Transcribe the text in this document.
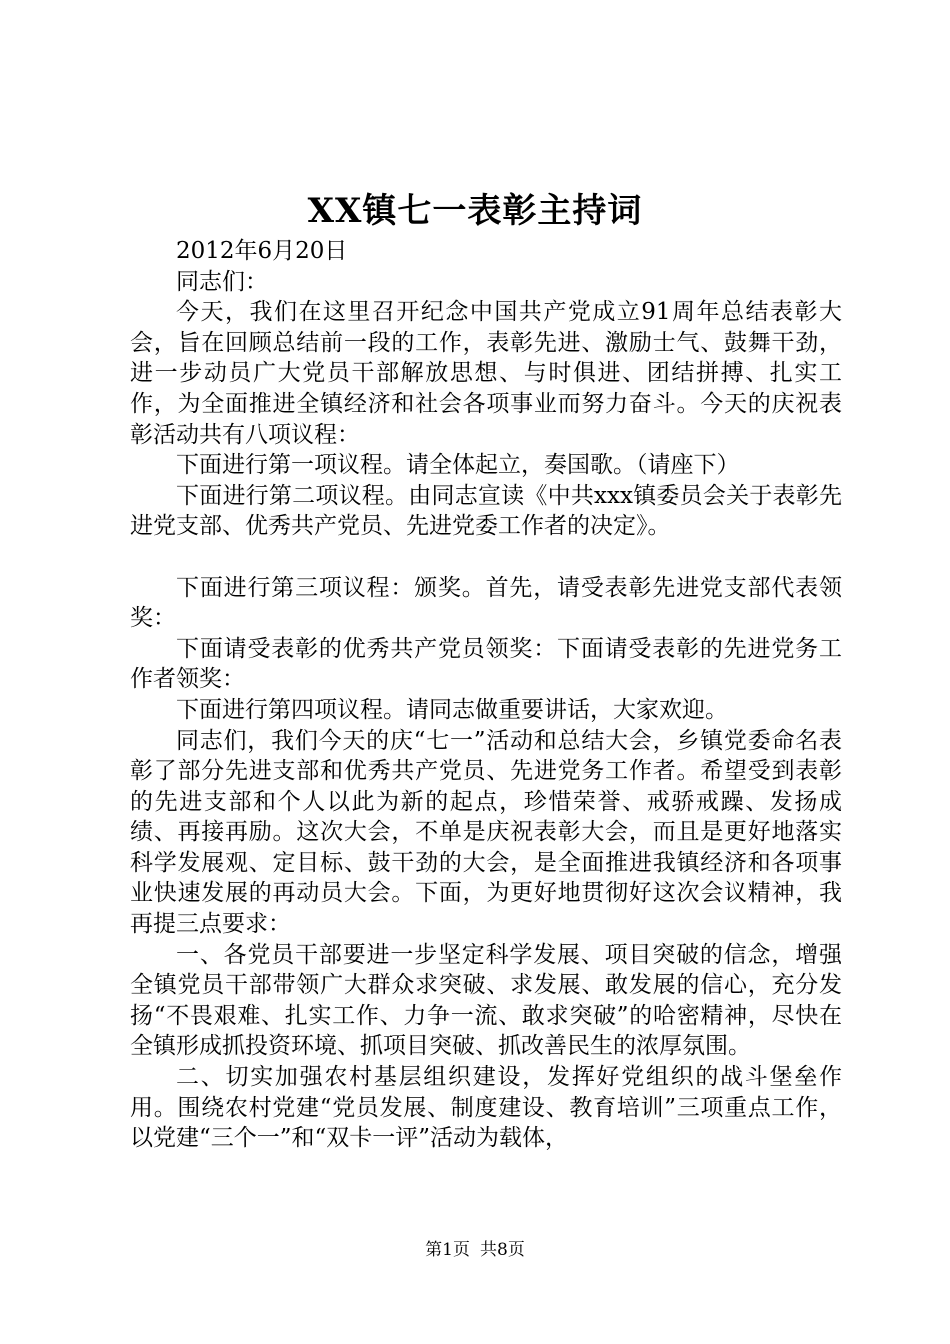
XX镇七一表彰主持词

2012年6月20日

同志们：

今天，我们在这里召开纪念中国共产党成立91周年总结表彰大会，旨在回顾总结前一段的工作，表彰先进、激励士气、鼓舞干劲，进一步动员广大党员干部解放思想、与时俱进、团结拼搏、扎实工作，为全面推进全镇经济和社会各项事业而努力奋斗。今天的庆祝表彰活动共有八项议程：

下面进行第一项议程。请全体起立，奏国歌。（请座下）

下面进行第二项议程。由同志宣读《中共xxx镇委员会关于表彰先进党支部、优秀共产党员、先进党委工作者的决定》。

下面进行第三项议程：颁奖。首先，请受表彰先进党支部代表领奖：

下面请受表彰的优秀共产党员领奖：下面请受表彰的先进党务工作者领奖：

下面进行第四项议程。请同志做重要讲话，大家欢迎。

同志们，我们今天的庆“七一”活动和总结大会，乡镇党委命名表彰了部分先进支部和优秀共产党员、先进党务工作者。希望受到表彰的先进支部和个人以此为新的起点，珍惜荣誉、戒骄戒躁、发扬成绩、再接再励。这次大会，不单是庆祝表彰大会，而且是更好地落实科学发展观、定目标、鼓干劲的大会，是全面推进我镇经济和各项事业快速发展的再动员大会。下面，为更好地贯彻好这次会议精神，我再提三点要求：

一、各党员干部要进一步坚定科学发展、项目突破的信念，增强全镇党员干部带领广大群众求突破、求发展、敢发展的信心，充分发扬“不畏艰难、扎实工作、力争一流、敢求突破”的哈密精神，尽快在全镇形成抓投资环境、抓项目突破、抓改善民生的浓厚氛围。

二、切实加强农村基层组织建设，发挥好党组织的战斗堡垒作用。围绕农村党建“党员发展、制度建设、教育培训”三项重点工作，以党建“三个一”和“双卡一评”活动为载体，

第1页 共8页
